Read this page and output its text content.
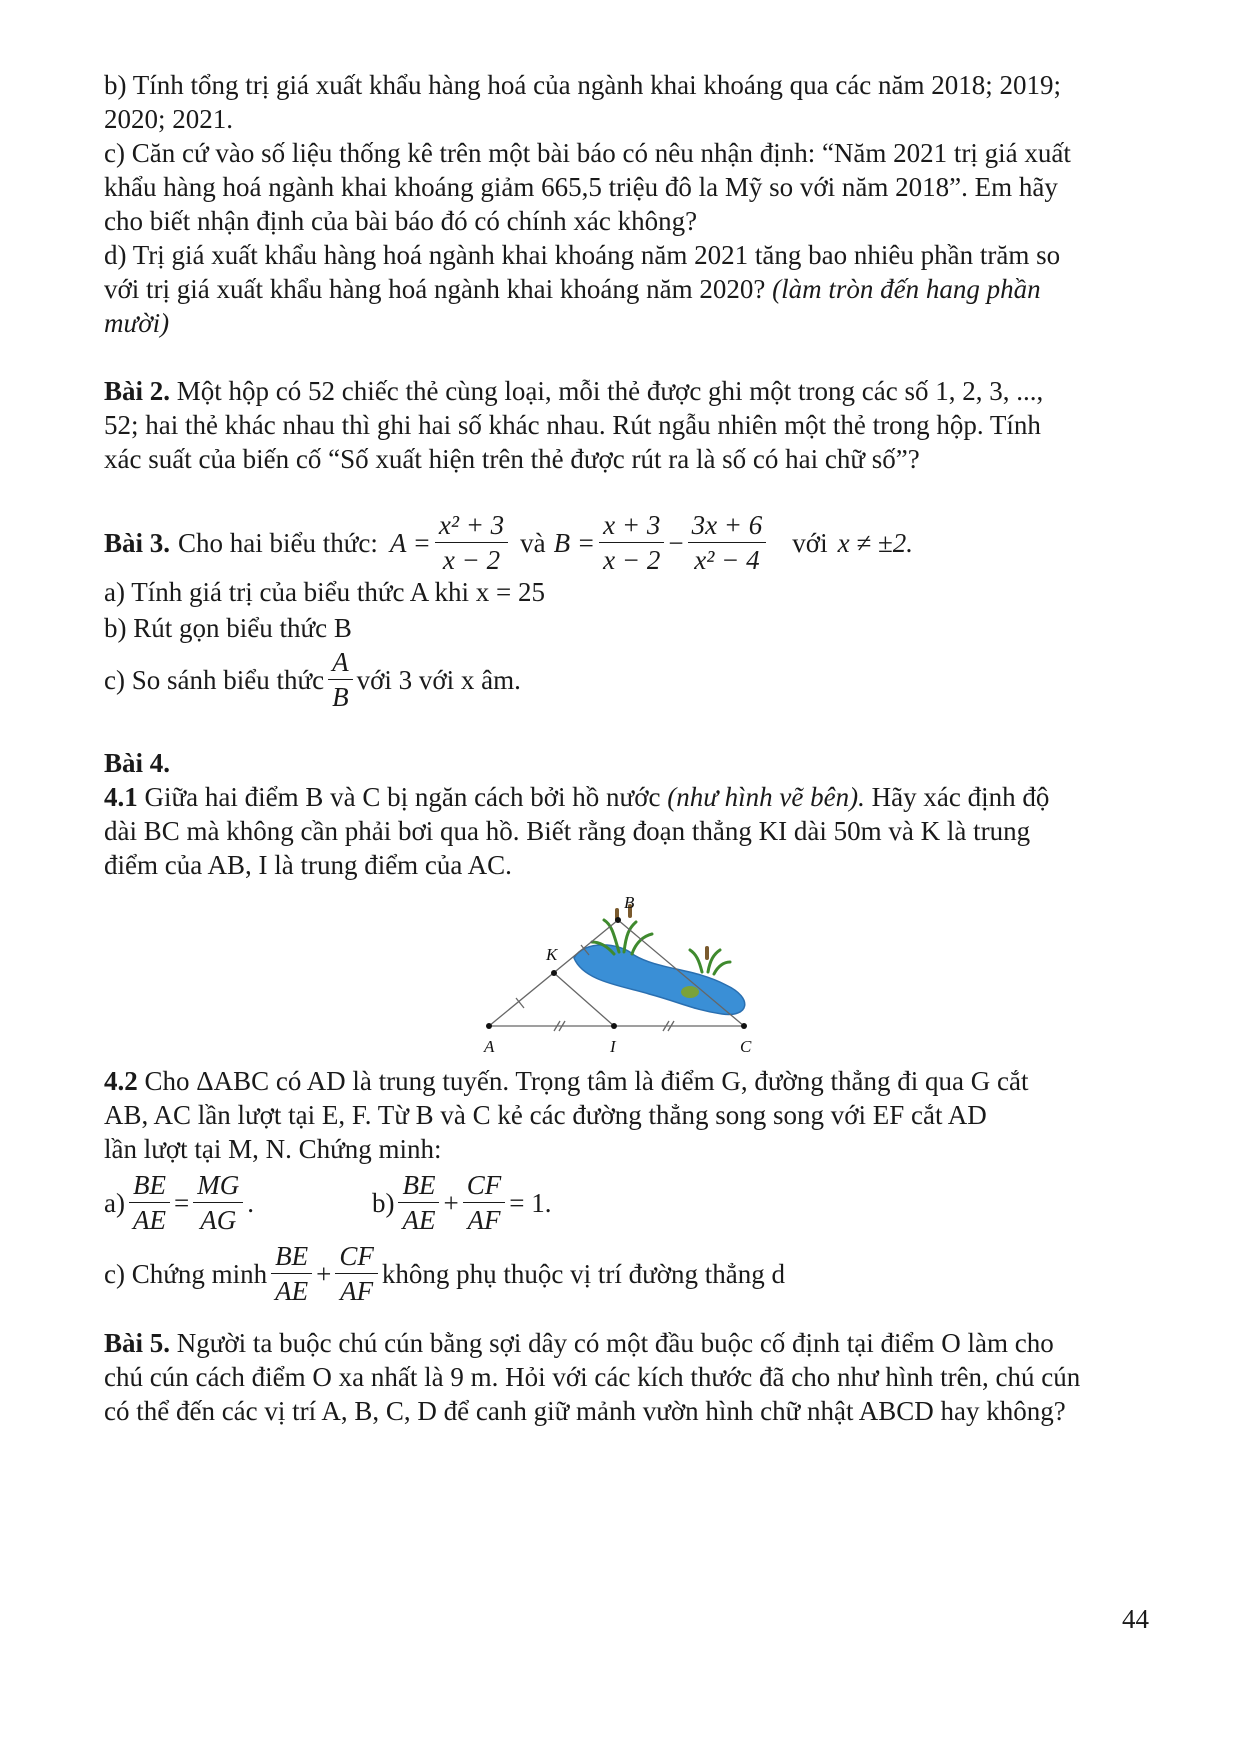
b) Tính tổng trị giá xuất khẩu hàng hoá của ngành khai khoáng qua các năm 2018; 2019;

2020; 2021.

c) Căn cứ vào số liệu thống kê trên một bài báo có nêu nhận định: “Năm 2021 trị giá xuất

khẩu hàng hoá ngành khai khoáng giảm 665,5 triệu đô la Mỹ so với năm 2018”. Em hãy

cho biết nhận định của bài báo đó có chính xác không?

d) Trị giá xuất khẩu hàng hoá ngành khai khoáng năm 2021 tăng bao nhiêu phần trăm so

với trị giá xuất khẩu hàng hoá ngành khai khoáng năm 2020? (làm tròn đến hang phần

mười)

Bài 2. Một hộp có 52 chiếc thẻ cùng loại, mỗi thẻ được ghi một trong các số 1, 2, 3, ...,

52; hai thẻ khác nhau thì ghi hai số khác nhau. Rút ngẫu nhiên một thẻ trong hộp. Tính

xác suất của biến cố “Số xuất hiện trên thẻ được rút ra là số có hai chữ số”?

Bài 3. Cho hai biểu thức: $A = \frac{\text{x² + 3}}{x - 2}$ và $B = \frac{x + 3}{x - 2} - \frac{3x + 6}{\text{x² − 4}}$ với x ≠ ±2.

a) Tính giá trị của biểu thức A khi x = 25

b) Rút gọn biểu thức B

c) So sánh biểu thức $\frac{A}{B}$ với 3 với x âm.

Bài 4.

4.1 Giữa hai điểm B và C bị ngăn cách bởi hồ nước (như hình vẽ bên). Hãy xác định độ

dài BC mà không cần phải bơi qua hồ. Biết rằng đoạn thẳng KI dài 50m và K là trung

điểm của AB, I là trung điểm của AC.

B
K
A	I	C

4.2 Cho ΔABC có AD là trung tuyến. Trọng tâm là điểm G, đường thẳng đi qua G cắt

AB, AC lần lượt tại E, F. Từ B và C kẻ các đường thẳng song song với EF cắt AD

lần lượt tại M, N. Chứng minh:

$a) \frac{BE}{AE} = \frac{MG}{AG}$ .	$b) \frac{BE}{AE} + \frac{CF}{AF} = 1$.
c) Chứng minh $\frac{BE}{AE} + \frac{CF}{AF}$ không phụ thuộc vị trí đường thẳng d

Bài 5. Người ta buộc chú cún bằng sợi dây có một đầu buộc cố định tại điểm O làm cho

chú cún cách điểm O xa nhất là 9 m. Hỏi với các kích thước đã cho như hình trên, chú cún

có thể đến các vị trí A, B, C, D để canh giữ mảnh vườn hình chữ nhật ABCD hay không?

44
